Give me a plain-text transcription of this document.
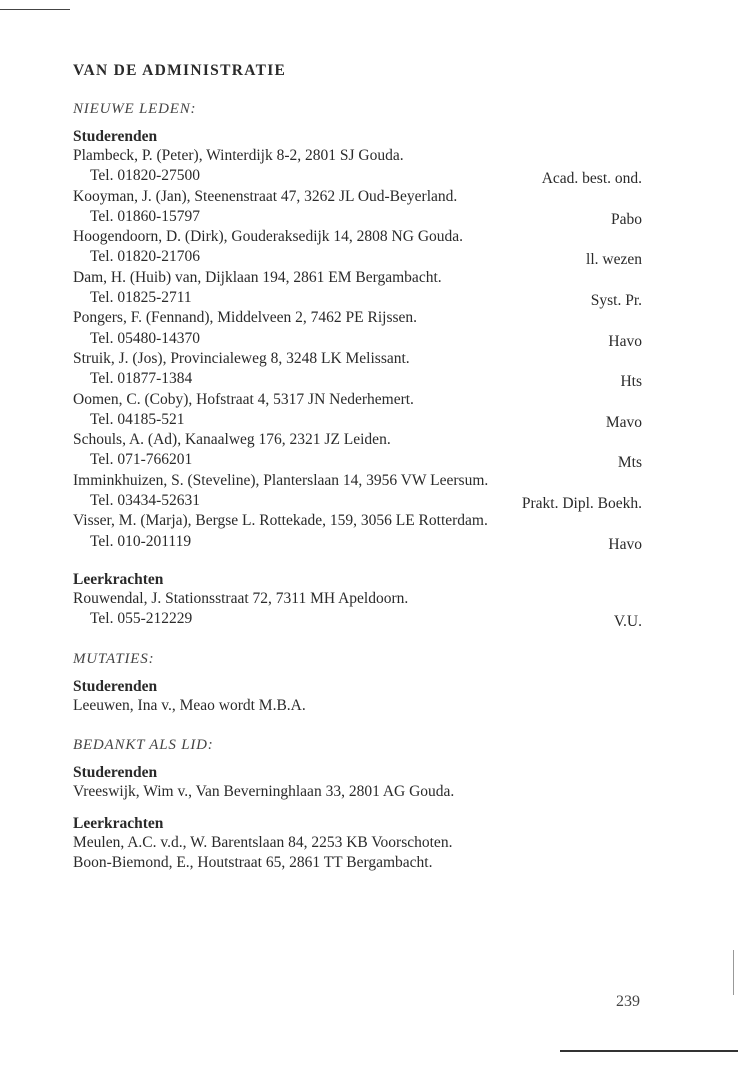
VAN DE ADMINISTRATIE
NIEUWE LEDEN:
Studerenden
Plambeck, P. (Peter), Winterdijk 8-2, 2801 SJ Gouda.
Tel. 01820-27500	Acad. best. ond.
Kooyman, J. (Jan), Steenenstraat 47, 3262 JL Oud-Beyerland.
Tel. 01860-15797	Pabo
Hoogendoorn, D. (Dirk), Gouderaksedijk 14, 2808 NG Gouda.
Tel. 01820-21706	ll. wezen
Dam, H. (Huib) van, Dijklaan 194, 2861 EM Bergambacht.
Tel. 01825-2711	Syst. Pr.
Pongers, F. (Fennand), Middelveen 2, 7462 PE Rijssen.
Tel. 05480-14370	Havo
Struik, J. (Jos), Provincialeweg 8, 3248 LK Melissant.
Tel. 01877-1384	Hts
Oomen, C. (Coby), Hofstraat 4, 5317 JN Nederhemert.
Tel. 04185-521	Mavo
Schouls, A. (Ad), Kanaalweg 176, 2321 JZ Leiden.
Tel. 071-766201	Mts
Imminkhuizen, S. (Steveline), Planterslaan 14, 3956 VW Leersum.
Tel. 03434-52631	Prakt. Dipl. Boekh.
Visser, M. (Marja), Bergse L. Rottekade, 159, 3056 LE Rotterdam.
Tel. 010-201119	Havo
Leerkrachten
Rouwendal, J. Stationsstraat 72, 7311 MH Apeldoorn.
Tel. 055-212229	V.U.
MUTATIES:
Studerenden
Leeuwen, Ina v., Meao wordt M.B.A.
BEDANKT ALS LID:
Studerenden
Vreeswijk, Wim v., Van Beverninghlaan 33, 2801 AG Gouda.
Leerkrachten
Meulen, A.C. v.d., W. Barentslaan 84, 2253 KB Voorschoten.
Boon-Biemond, E., Houtstraat 65, 2861 TT Bergambacht.
239
